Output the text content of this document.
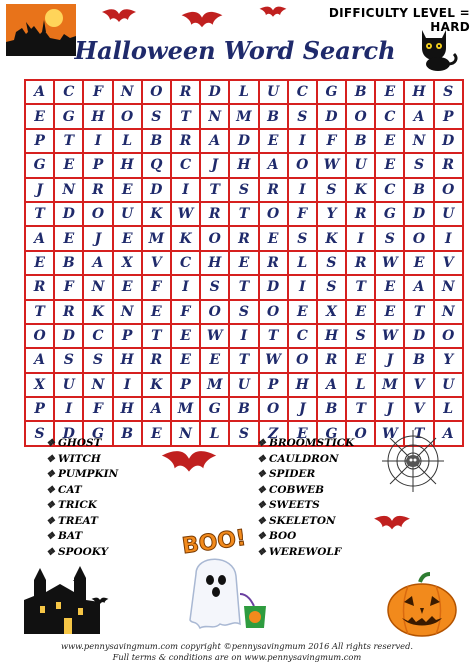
DIFFICULTY LEVEL = HARD
Halloween Word Search
A	C	F	N	O	R	D	L	U	C	G	B	E	H	S
E	G	H	O	S	T	N	M	B	S	D	O	C	A	P
P	T	I	L	B	R	A	D	E	I	F	B	E	N	D
G	E	P	H	Q	C	J	H	A	O	W	U	E	S	R
J	N	R	E	D	I	T	S	R	I	S	K	C	B	O
T	D	O	U	K	W	R	T	O	F	Y	R	G	D	U
A	E	J	E	M	K	O	R	E	S	K	I	S	O	I
E	B	A	X	V	C	H	E	R	L	S	R	W	E	V
R	F	N	E	F	I	S	T	D	I	S	T	E	A	N
T	R	K	N	E	F	O	S	O	E	X	E	E	T	N
O	D	C	P	T	E	W	I	T	C	H	S	W	D	O
A	S	S	H	R	E	E	T	W	O	R	E	J	B	Y
X	U	N	I	K	P	M	U	P	H	A	L	M	V	U
P	I	F	H	A	M	G	B	O	J	B	T	J	V	L
S	D	G	B	E	N	L	S	Z	E	G	O	W	T	A
❖ GHOST
❖ WITCH
❖ PUMPKIN
❖ CAT
❖ TRICK
❖ TREAT
❖ BAT
❖ SPOOKY
❖ BROOMSTICK
❖ CAULDRON
❖ SPIDER
❖ COBWEB
❖ SWEETS
❖ SKELETON
❖ BOO
❖ WEREWOLF
BOO!
www.pennysavingmum.com copyright ©pennysavingmum 2016 All rights reserved.
Full terms & conditions are on www.pennysavingmum.com
